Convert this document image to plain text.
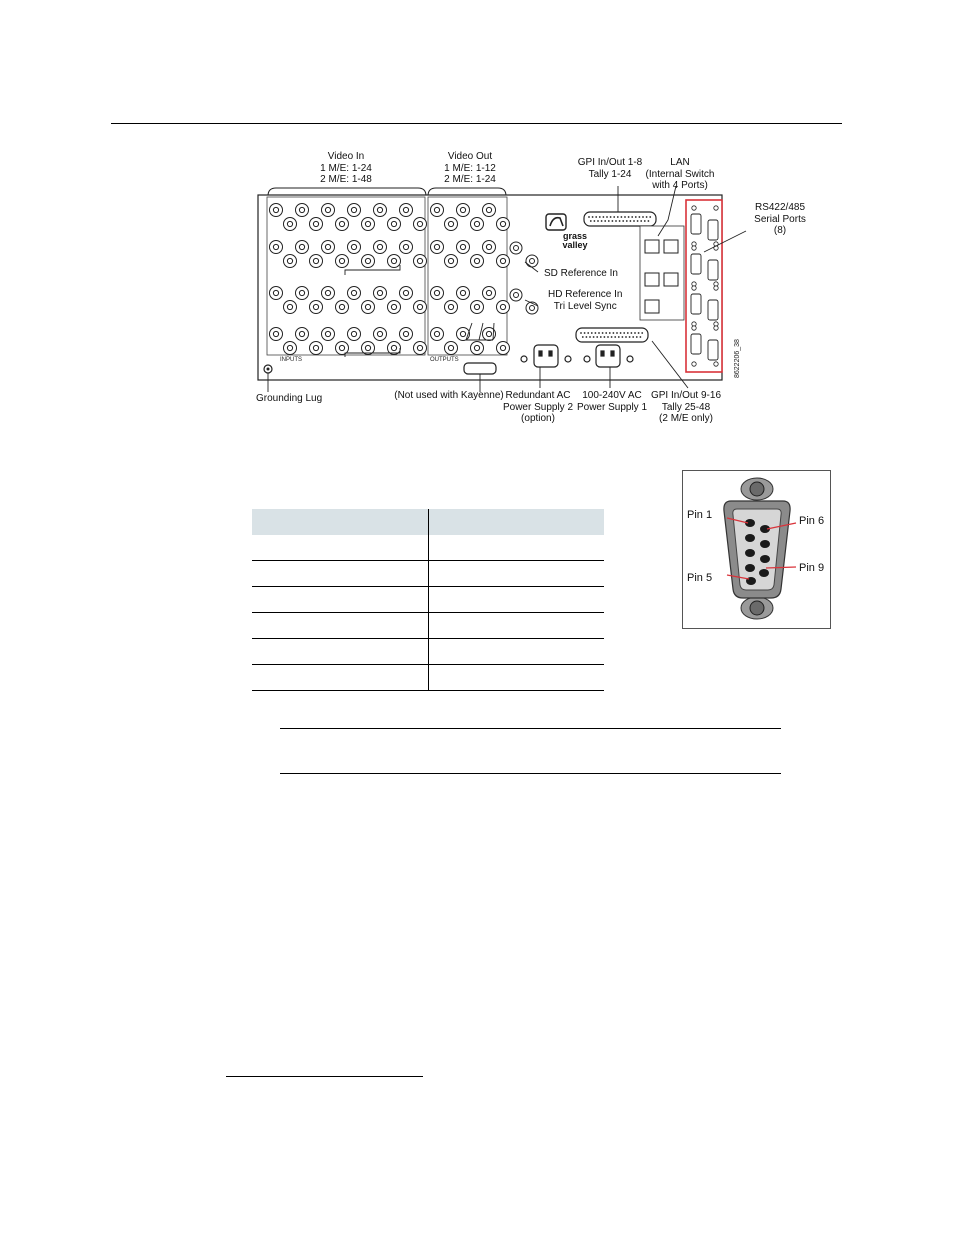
INPUTS	OUTPUTS	8622206_38
Video In
1 M/E: 1-24
2 M/E: 1-48
Video Out
1 M/E: 1-12
2 M/E: 1-24
GPI In/Out 1-8
Tally 1-24
LAN
(Internal Switch
with 4 Ports)
RS422/485
Serial Ports
(8)
SD Reference In
HD Reference In
Tri Level Sync
Grounding Lug	(Not used with Kayenne) Redundant AC
Power Supply 2
(option)
100-240V AC
Power Supply 1
GPI In/Out 9-16
Tally 25-48
(2 M/E only)
grass
valley

Pin 1	Pin 6
Pin 5
Pin 9
